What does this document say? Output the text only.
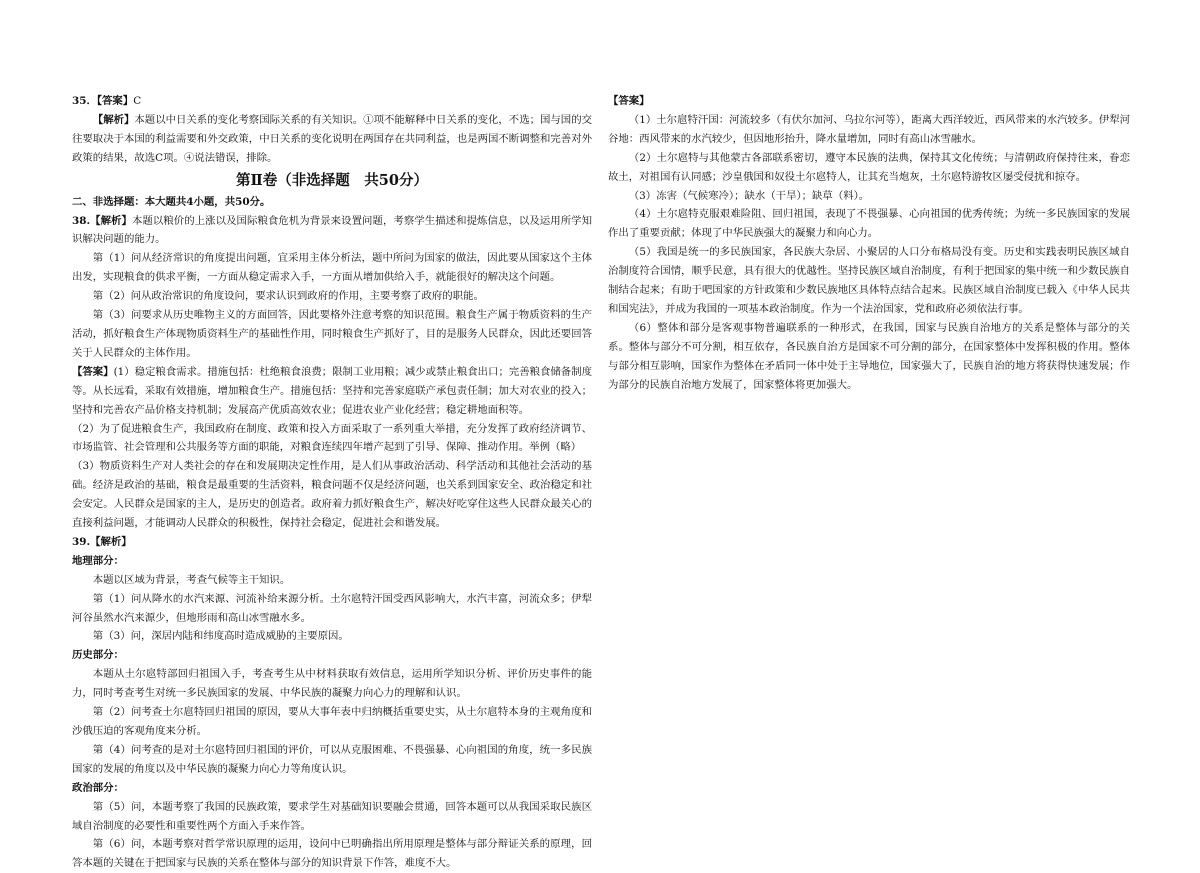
35．【答案】C

【解析】本题以中日关系的变化考察国际关系的有关知识。①项不能解释中日关系的变化，不选；国与国的交往要取决于本国的利益需要和外交政策，中日关系的变化说明在两国存在共同利益，也是两国不断调整和完善对外政策的结果，故选C项。④说法错误，排除。

第Ⅱ卷（非选择题　共50分）

二、非选择题：本大题共4小题，共50分。

38.【解析】本题以粮价的上涨以及国际粮食危机为背景来设置问题，考察学生描述和提炼信息，以及运用所学知识解决问题的能力。

第（1）问从经济常识的角度提出问题，宜采用主体分析法，题中所问为国家的做法，因此要从国家这个主体出发，实现粮食的供求平衡，一方面从稳定需求入手，一方面从增加供给入手，就能很好的解决这个问题。

第（2）问从政治常识的角度设问，要求认识到政府的作用，主要考察了政府的职能。

第（3）问要求从历史唯物主义的方面回答，因此要格外注意考察的知识范围。粮食生产属于物质资料的生产活动，抓好粮食生产体现物质资料生产的基础性作用，同时粮食生产抓好了，目的是服务人民群众，因此还要回答关于人民群众的主体作用。

【答案】(1）稳定粮食需求。措施包括：杜绝粮食浪费；限制工业用粮；减少或禁止粮食出口；完善粮食储备制度等。从长远看，采取有效措施，增加粮食生产。措施包括：坚持和完善家庭联产承包责任制；加大对农业的投入；坚持和完善农产品价格支持机制；发展高产优质高效农业；促进农业产业化经营；稳定耕地面积等。

（2）为了促进粮食生产，我国政府在制度、政策和投入方面采取了一系列重大举措，充分发挥了政府经济调节、市场监管、社会管理和公共服务等方面的职能，对粮食连续四年增产起到了引导、保障、推动作用。举例（略）

（3）物质资料生产对人类社会的存在和发展期决定性作用，是人们从事政治活动、科学活动和其他社会活动的基础。经济是政治的基础，粮食是最重要的生活资料，粮食问题不仅是经济问题，也关系到国家安全、政治稳定和社会安定。人民群众是国家的主人，是历史的创造者。政府着力抓好粮食生产，解决好吃穿住这些人民群众最关心的直接利益问题，才能调动人民群众的积极性，保持社会稳定，促进社会和谐发展。

39.【解析】

地理部分：

本题以区域为背景，考查气候等主干知识。

第（1）问从降水的水汽来源、河流补给来源分析。土尔扈特汗国受西风影响大，水汽丰富，河流众多；伊犁河谷虽然水汽来源少，但地形雨和高山冰雪融水多。

第（3）问，深居内陆和纬度高时造成威胁的主要原因。

历史部分：

本题从土尔扈特部回归祖国入手，考查考生从中材料获取有效信息，运用所学知识分析、评价历史事件的能力，同时考查考生对统一多民族国家的发展、中华民族的凝聚力向心力的理解和认识。

第（2）问考查土尔扈特回归祖国的原因，要从大事年表中归纳概括重要史实，从土尔扈特本身的主观角度和沙俄压迫的客观角度来分析。

第（4）问考查的是对土尔扈特回归祖国的评价，可以从克服困难、不畏强暴、心向祖国的角度，统一多民族国家的发展的角度以及中华民族的凝聚力向心力等角度认识。

政治部分：

第（5）问，本题考察了我国的民族政策，要求学生对基础知识要融会贯通，回答本题可以从我国采取民族区域自治制度的必要性和重要性两个方面入手来作答。

第（6）问，本题考察对哲学常识原理的运用，设问中已明确指出所用原理是整体与部分辩证关系的原理，回答本题的关键在于把国家与民族的关系在整体与部分的知识背景下作答，难度不大。

【答案】

（1）土尔扈特汗国：河流较多（有伏尔加河、乌拉尔河等），距离大西洋较近，西风带来的水汽较多。伊犁河谷地：西风带来的水汽较少，但因地形抬升，降水量增加，同时有高山冰雪融水。

（2）土尔扈特与其他蒙古各部联系密切，遵守本民族的法典，保持其文化传统；与清朝政府保持往来，眷恋故土，对祖国有认同感；沙皇俄国和奴役土尔扈特人，让其充当炮灰，土尔扈特游牧区屡受侵扰和掠夺。

（3）冻害（气候寒冷）；缺水（干旱）；缺草（料）。

（4）土尔扈特克服艰难险阻、回归祖国，表现了不畏强暴、心向祖国的优秀传统；为统一多民族国家的发展作出了重要贡献；体现了中华民族强大的凝聚力和向心力。

（5）我国是统一的多民族国家，各民族大杂居、小聚居的人口分布格局没有变。历史和实践表明民族区域自治制度符合国情，顺乎民意，具有很大的优越性。坚持民族区域自治制度，有利于把国家的集中统一和少数民族自制结合起来；有助于吧国家的方针政策和少数民族地区具体特点结合起来。民族区域自治制度已载入《中华人民共和国宪法》，并成为我国的一项基本政治制度。作为一个法治国家，党和政府必须依法行事。

（6）整体和部分是客观事物普遍联系的一种形式，在我国，国家与民族自治地方的关系是整体与部分的关系。整体与部分不可分割，相互依存，各民族自治方是国家不可分割的部分，在国家整体中发挥积极的作用。整体与部分相互影响，国家作为整体在矛盾同一体中处于主导地位，国家强大了，民族自治的地方将获得快速发展；作为部分的民族自治地方发展了，国家整体将更加强大。
